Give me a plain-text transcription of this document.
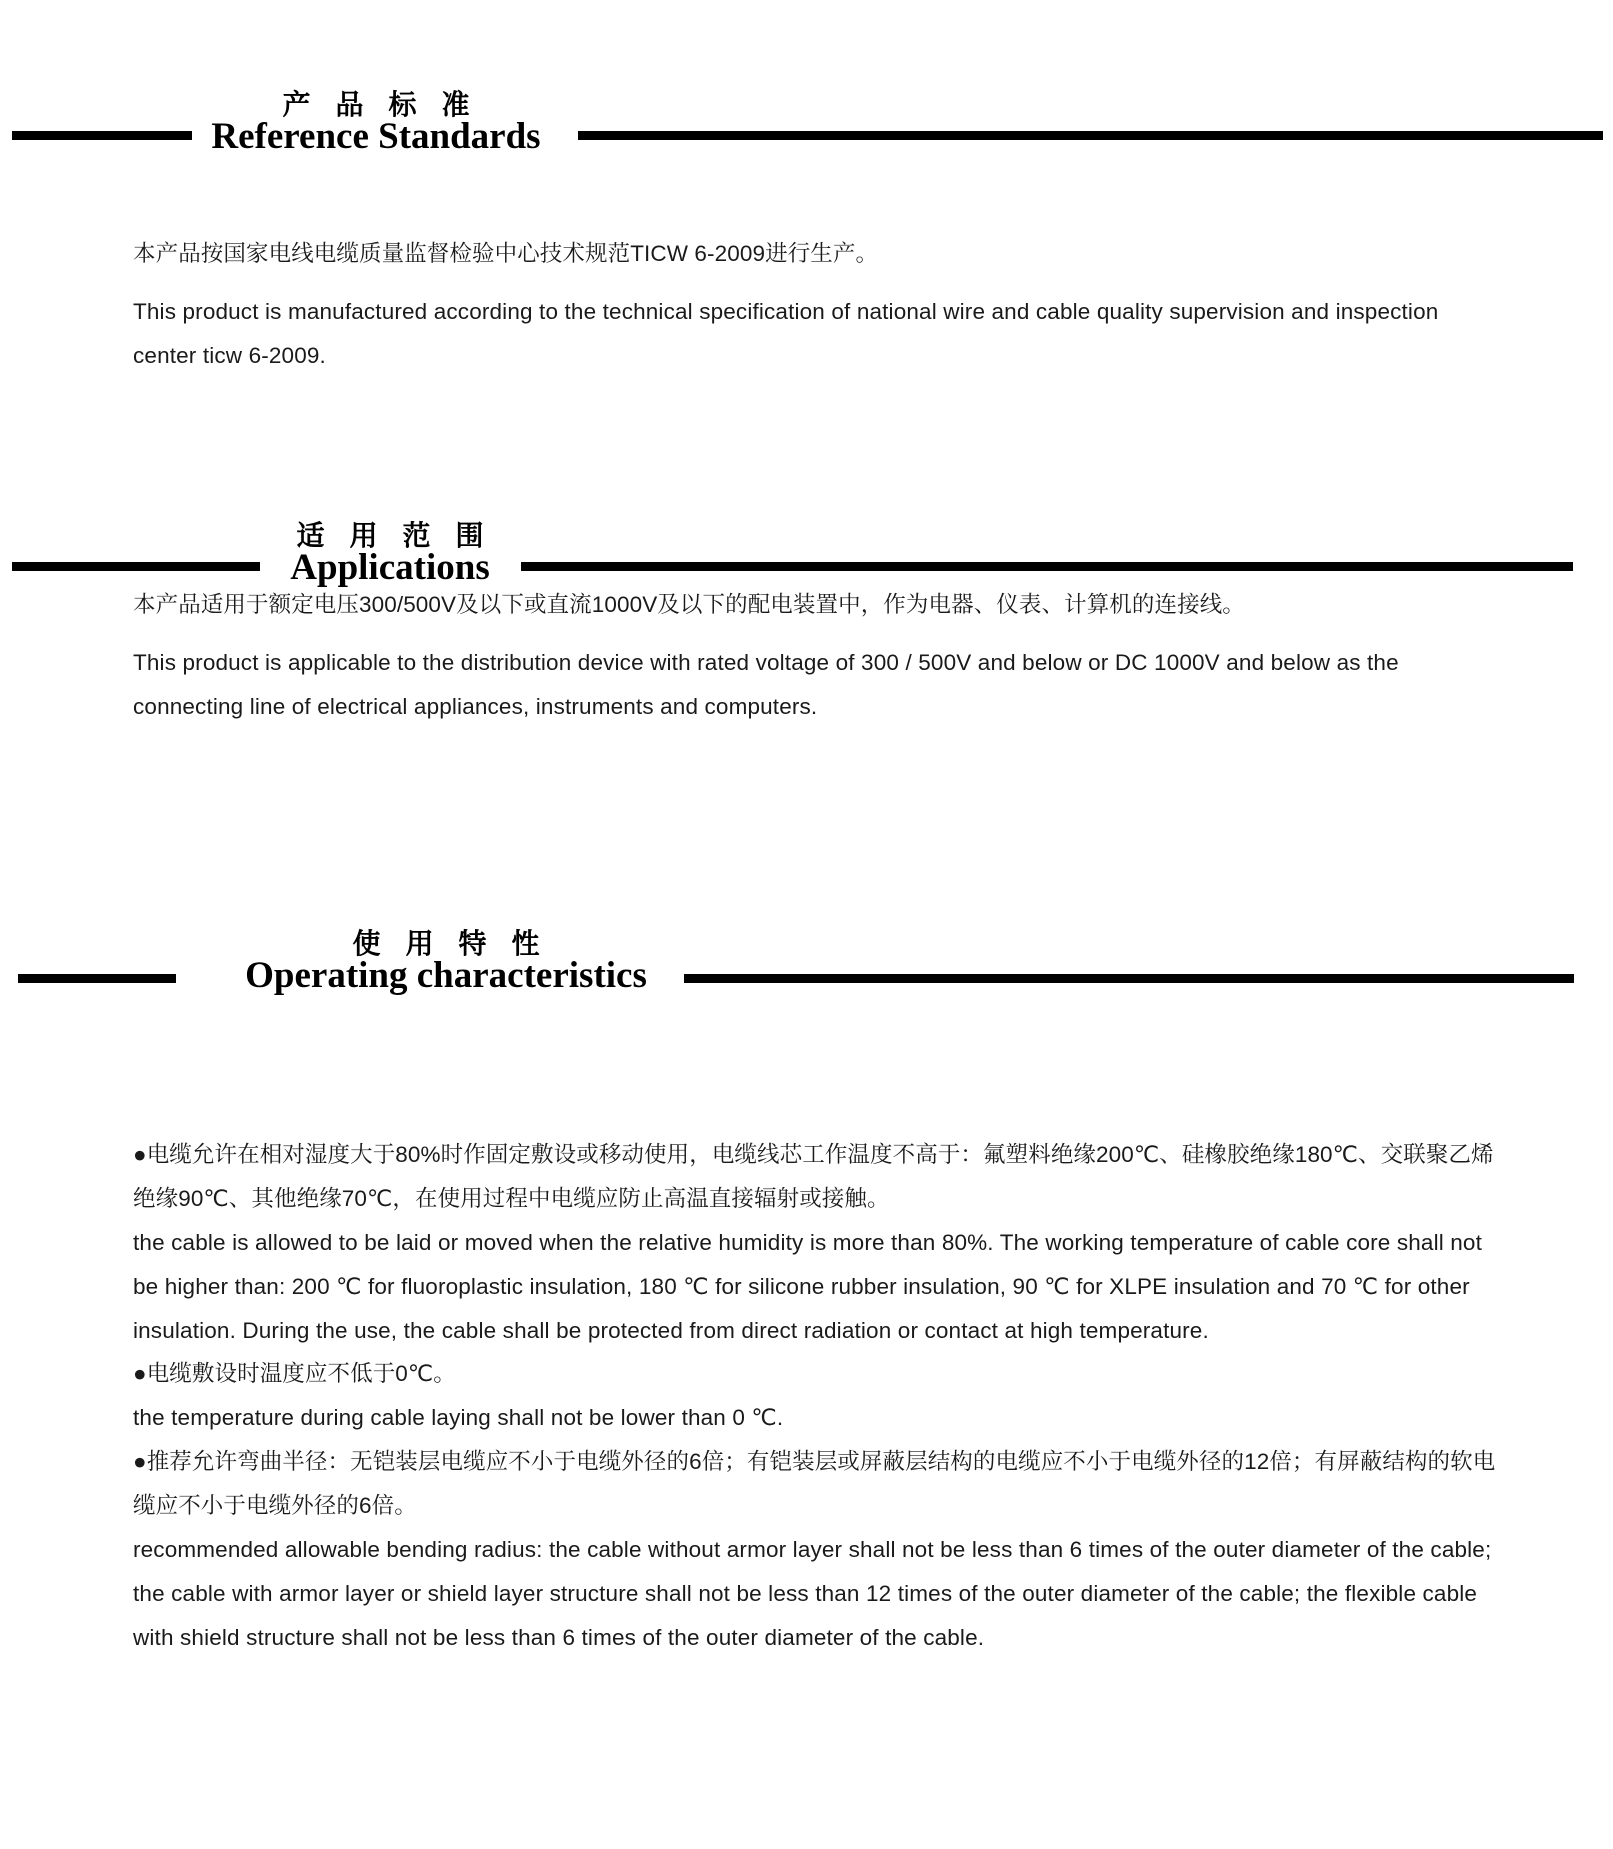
产 品 标 准
Reference Standards

本产品按国家电线电缆质量监督检验中心技术规范TICW 6-2009进行生产。

This product is manufactured according to the technical specification of national wire and cable quality supervision and inspection center ticw 6-2009.

适 用 范 围
Applications

本产品适用于额定电压300/500V及以下或直流1000V及以下的配电装置中，作为电器、仪表、计算机的连接线。

This product is applicable to the distribution device with rated voltage of 300 / 500V and below or DC 1000V and below as the connecting line of electrical appliances, instruments and computers.

使 用 特 性
Operating characteristics

●电缆允许在相对湿度大于80%时作固定敷设或移动使用，电缆线芯工作温度不高于：氟塑料绝缘200℃、硅橡胶绝缘180℃、交联聚乙烯绝缘90℃、其他绝缘70℃，在使用过程中电缆应防止高温直接辐射或接触。

the cable is allowed to be laid or moved when the relative humidity is more than 80%. The working temperature of cable core shall not be higher than: 200 ℃ for fluoroplastic insulation, 180 ℃ for silicone rubber insulation, 90 ℃ for XLPE insulation and 70 ℃ for other insulation. During the use, the cable shall be protected from direct radiation or contact at high temperature.

●电缆敷设时温度应不低于0℃。

the temperature during cable laying shall not be lower than 0 ℃.

●推荐允许弯曲半径：无铠装层电缆应不小于电缆外径的6倍；有铠装层或屏蔽层结构的电缆应不小于电缆外径的12倍；有屏蔽结构的软电缆应不小于电缆外径的6倍。

recommended allowable bending radius: the cable without armor layer shall not be less than 6 times of the outer diameter of the cable; the cable with armor layer or shield layer structure shall not be less than 12 times of the outer diameter of the cable; the flexible cable with shield structure shall not be less than 6 times of the outer diameter of the cable.
